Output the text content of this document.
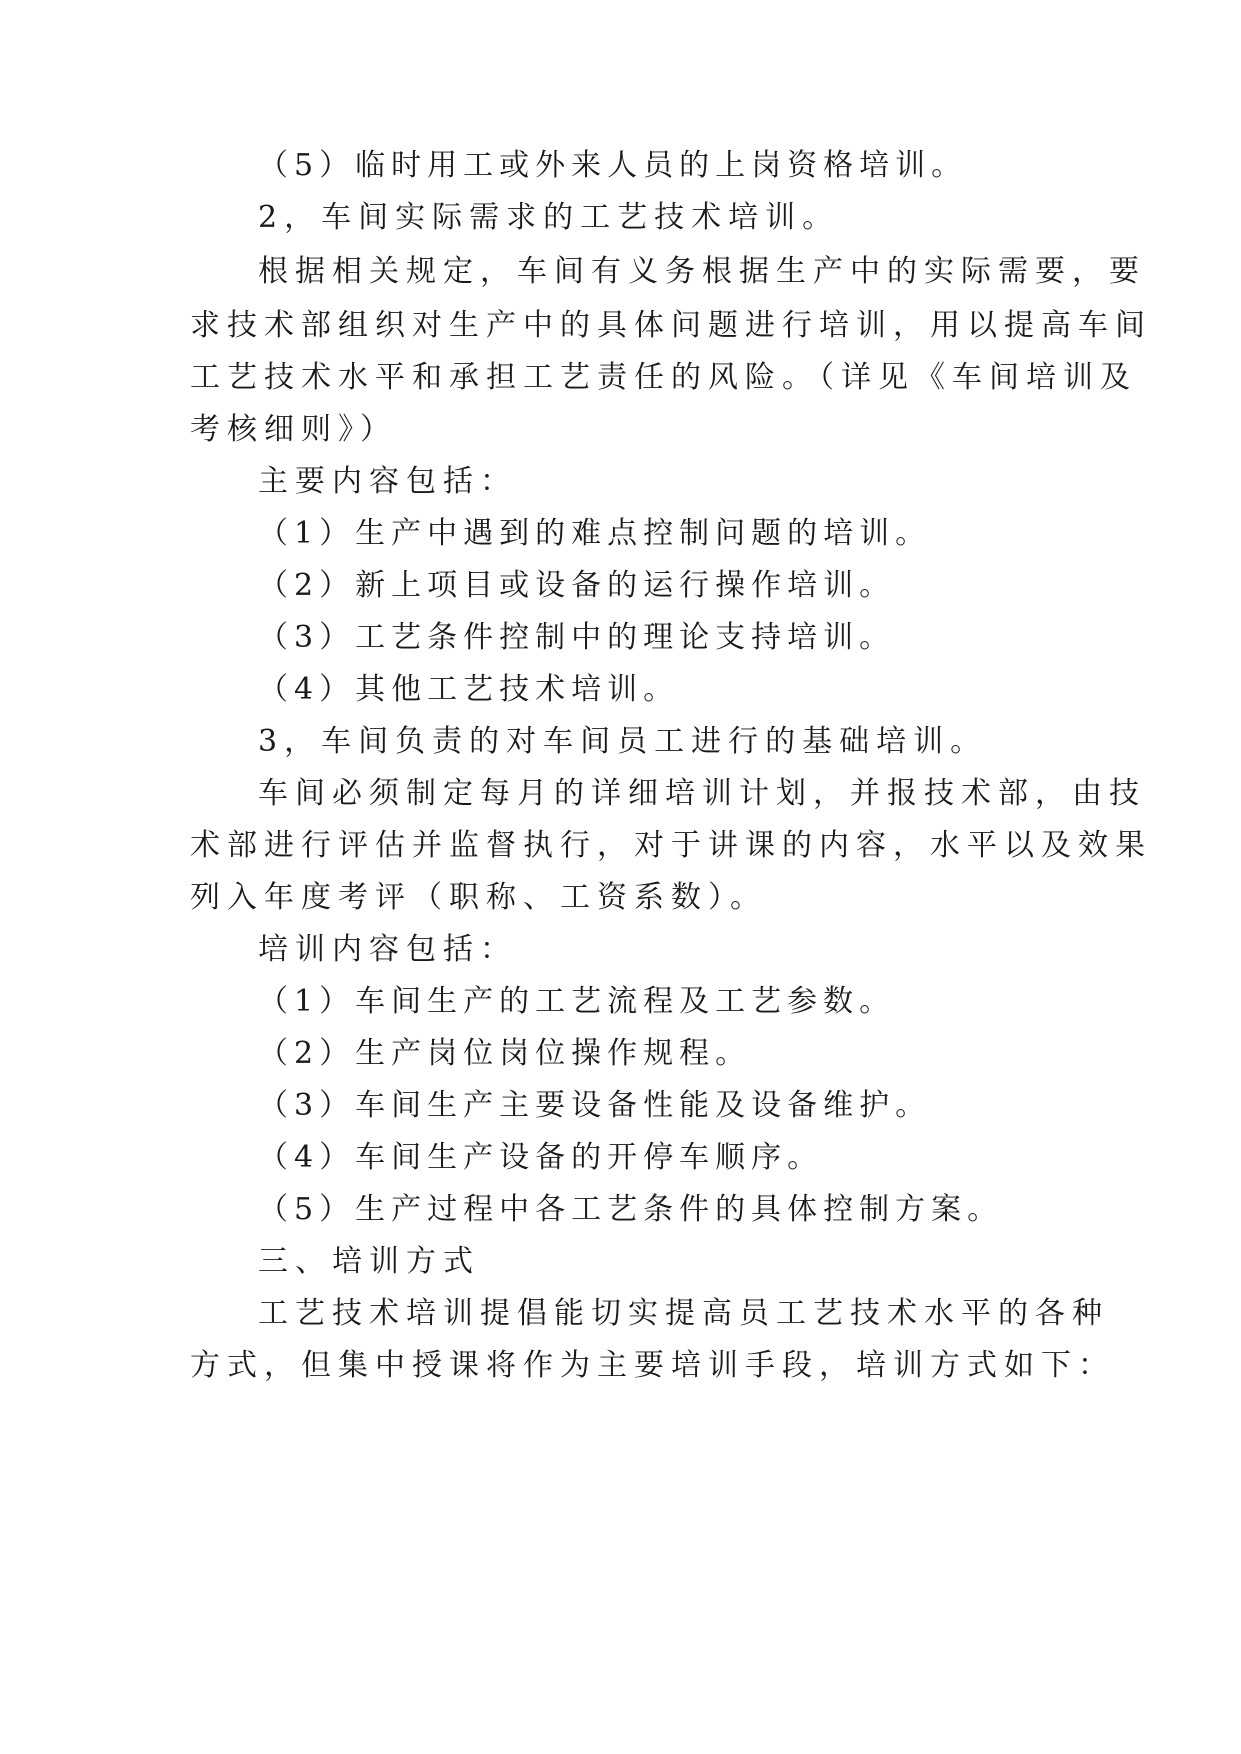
（5）临时用工或外来人员的上岗资格培训。

2，车间实际需求的工艺技术培训。

根据相关规定，车间有义务根据生产中的实际需要，要

求技术部组织对生产中的具体问题进行培训，用以提高车间

工艺技术水平和承担工艺责任的风险。（详见《车间培训及

考核细则》）

主要内容包括：

（1）生产中遇到的难点控制问题的培训。

（2）新上项目或设备的运行操作培训。

（3）工艺条件控制中的理论支持培训。

（4）其他工艺技术培训。

3，车间负责的对车间员工进行的基础培训。

车间必须制定每月的详细培训计划，并报技术部，由技

术部进行评估并监督执行，对于讲课的内容，水平以及效果

列入年度考评（职称、工资系数）。

培训内容包括：

（1）车间生产的工艺流程及工艺参数。

（2）生产岗位岗位操作规程。

（3）车间生产主要设备性能及设备维护。

（4）车间生产设备的开停车顺序。

（5）生产过程中各工艺条件的具体控制方案。

三、培训方式

工艺技术培训提倡能切实提高员工艺技术水平的各种

方式，但集中授课将作为主要培训手段，培训方式如下：
